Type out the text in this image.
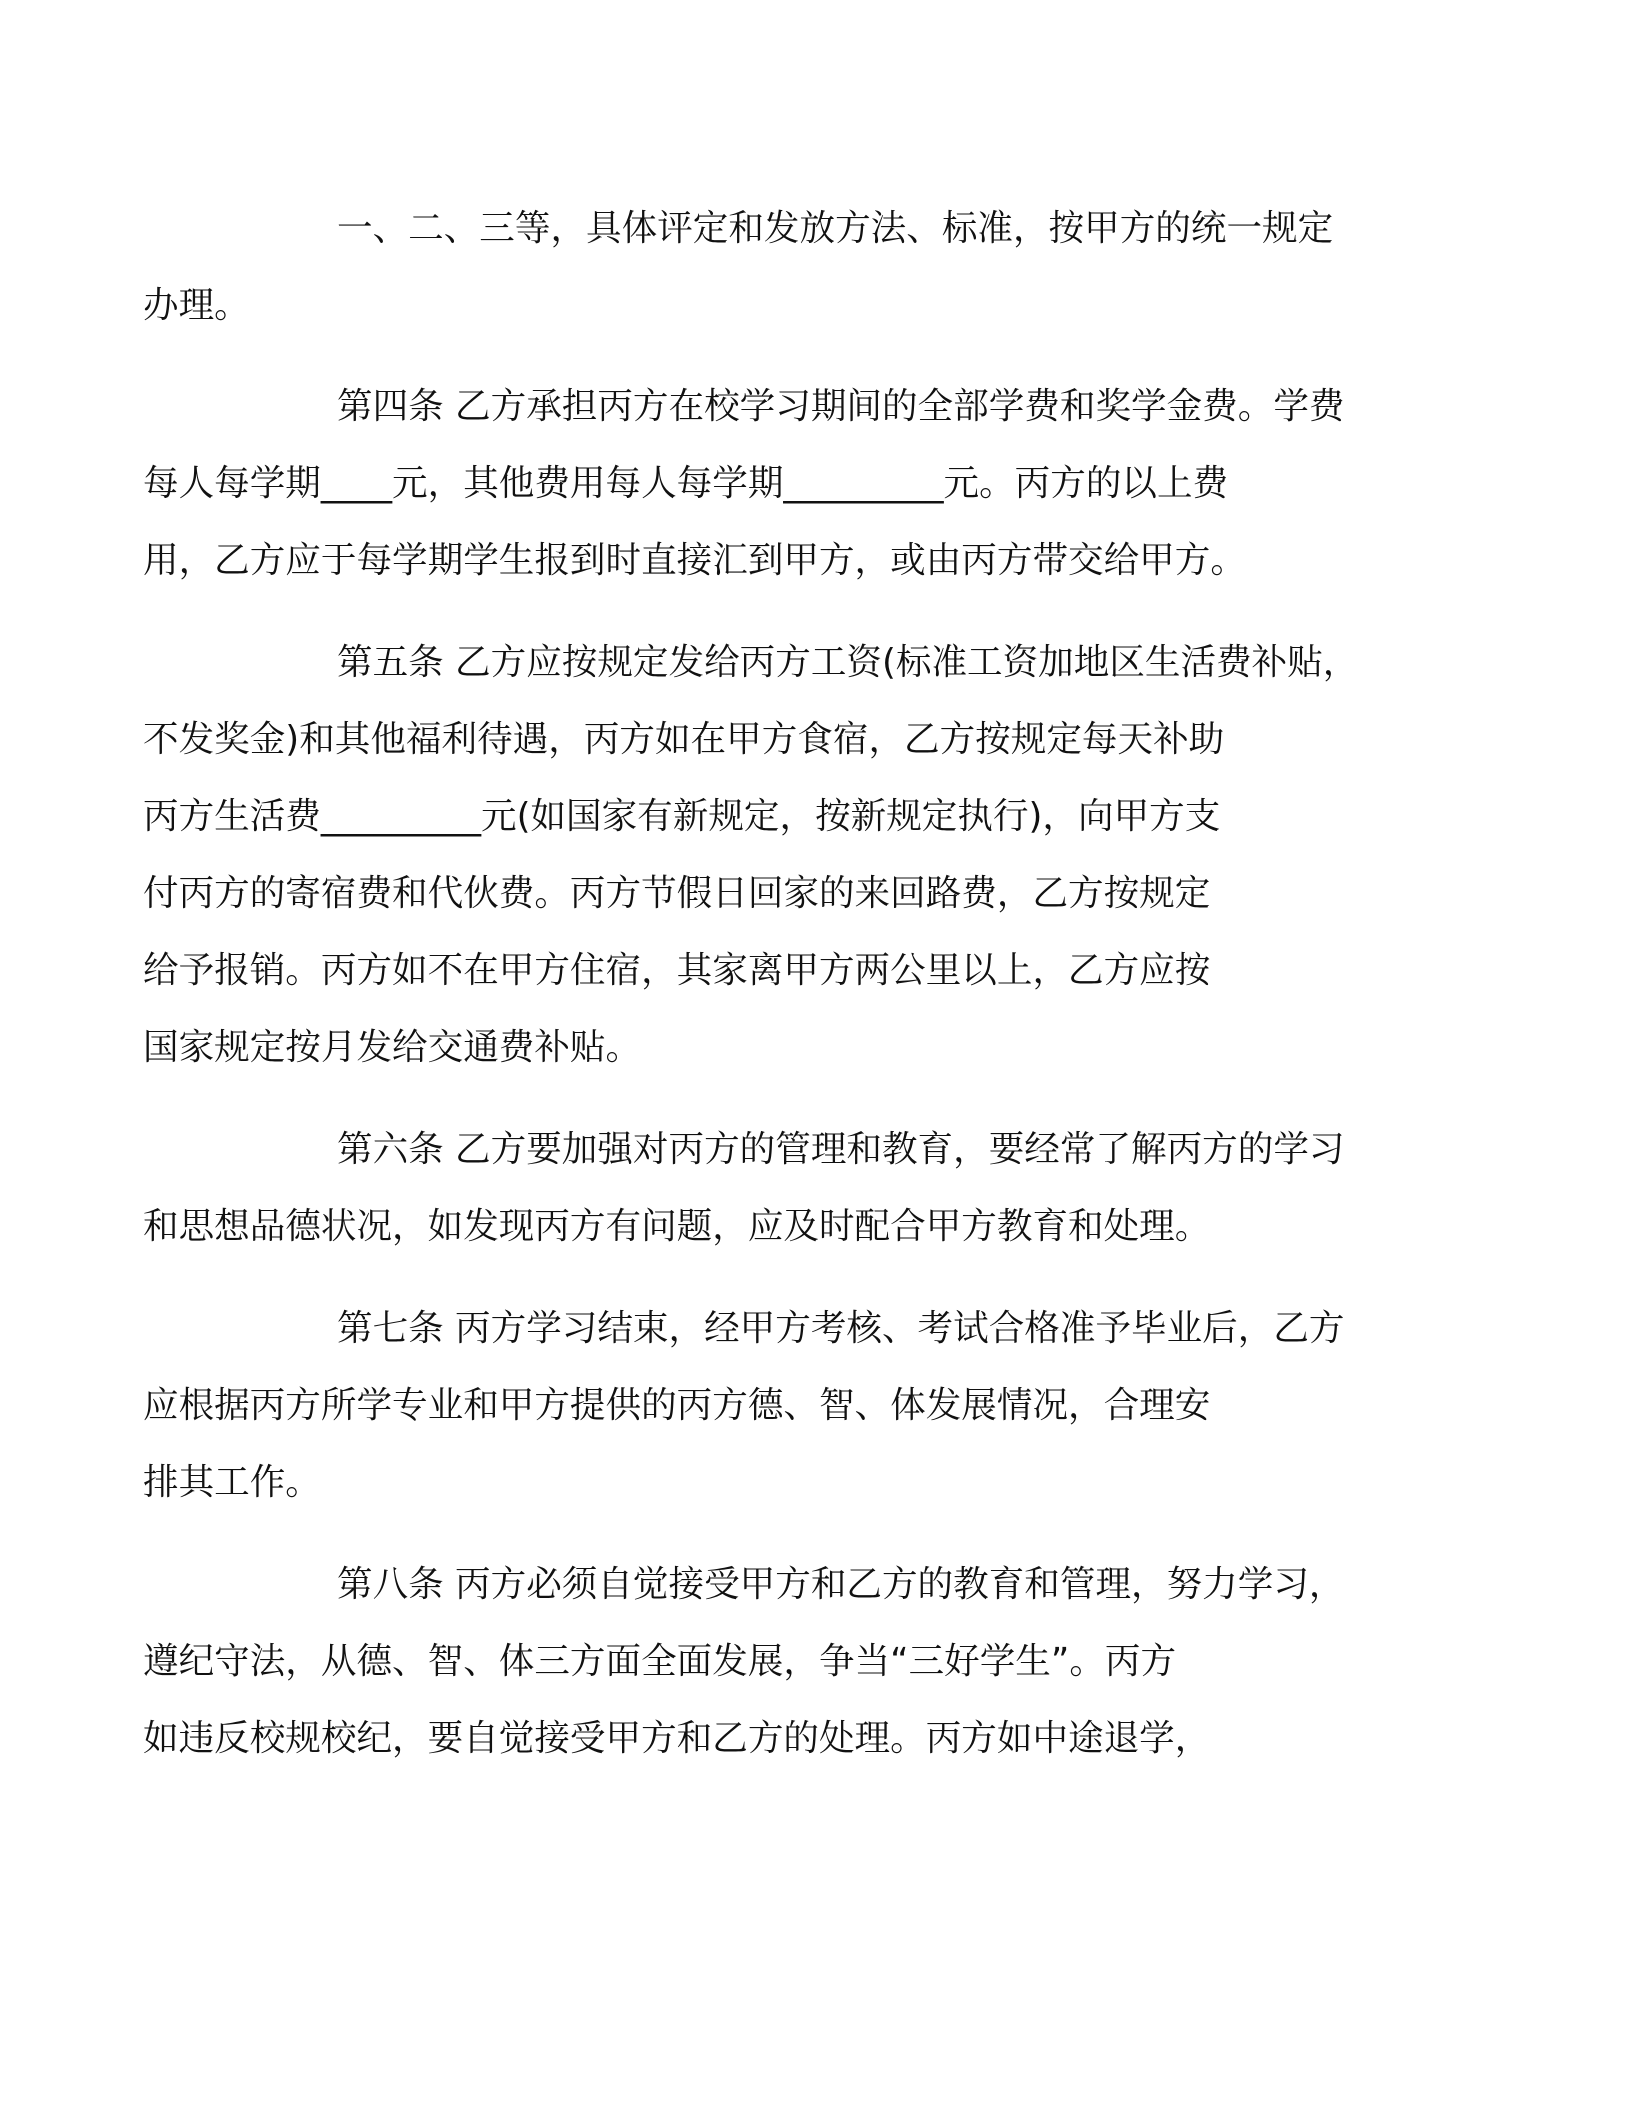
一、二、三等，具体评定和发放方法、标准，按甲方的统一规定
办理。

第四条 乙方承担丙方在校学习期间的全部学费和奖学金费。学费
每人每学期____元，其他费用每人每学期_________元。丙方的以上费
用，乙方应于每学期学生报到时直接汇到甲方，或由丙方带交给甲方。

第五条 乙方应按规定发给丙方工资(标准工资加地区生活费补贴，
不发奖金)和其他福利待遇，丙方如在甲方食宿，乙方按规定每天补助
丙方生活费_________元(如国家有新规定，按新规定执行)，向甲方支
付丙方的寄宿费和代伙费。丙方节假日回家的来回路费，乙方按规定
给予报销。丙方如不在甲方住宿，其家离甲方两公里以上，乙方应按
国家规定按月发给交通费补贴。

第六条 乙方要加强对丙方的管理和教育，要经常了解丙方的学习
和思想品德状况，如发现丙方有问题，应及时配合甲方教育和处理。

第七条 丙方学习结束，经甲方考核、考试合格准予毕业后，乙方
应根据丙方所学专业和甲方提供的丙方德、智、体发展情况，合理安
排其工作。

第八条 丙方必须自觉接受甲方和乙方的教育和管理，努力学习，
遵纪守法，从德、智、体三方面全面发展，争当“三好学生”。丙方
如违反校规校纪，要自觉接受甲方和乙方的处理。丙方如中途退学，
